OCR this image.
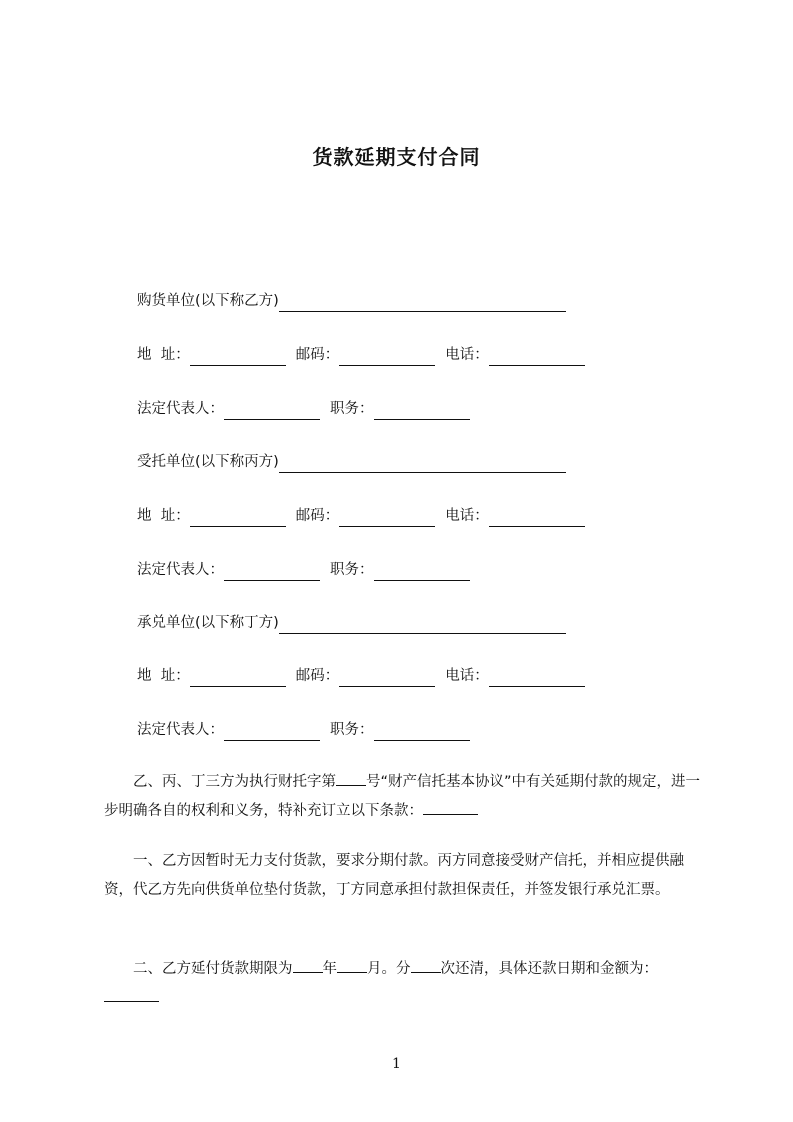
货款延期支付合同
购货单位(以下称乙方)
地  址：	邮码：	电话：
法定代表人：	职务：
受托单位(以下称丙方)
地  址：	邮码：	电话：
法定代表人：	职务：
承兑单位(以下称丁方)
地  址：	邮码：	电话：
法定代表人：	职务：
乙、丙、丁三方为执行财托字第 号“财产信托基本协议”中有关延期付款的规定，进一步明确各自的权利和义务，特补充订立以下条款：
一、乙方因暂时无力支付货款，要求分期付款。丙方同意接受财产信托，并相应提供融资，代乙方先向供货单位垫付货款，丁方同意承担付款担保责任，并签发银行承兑汇票。
二、乙方延付货款期限为 年 月。分 次还清，具体还款日期和金额为：
1
